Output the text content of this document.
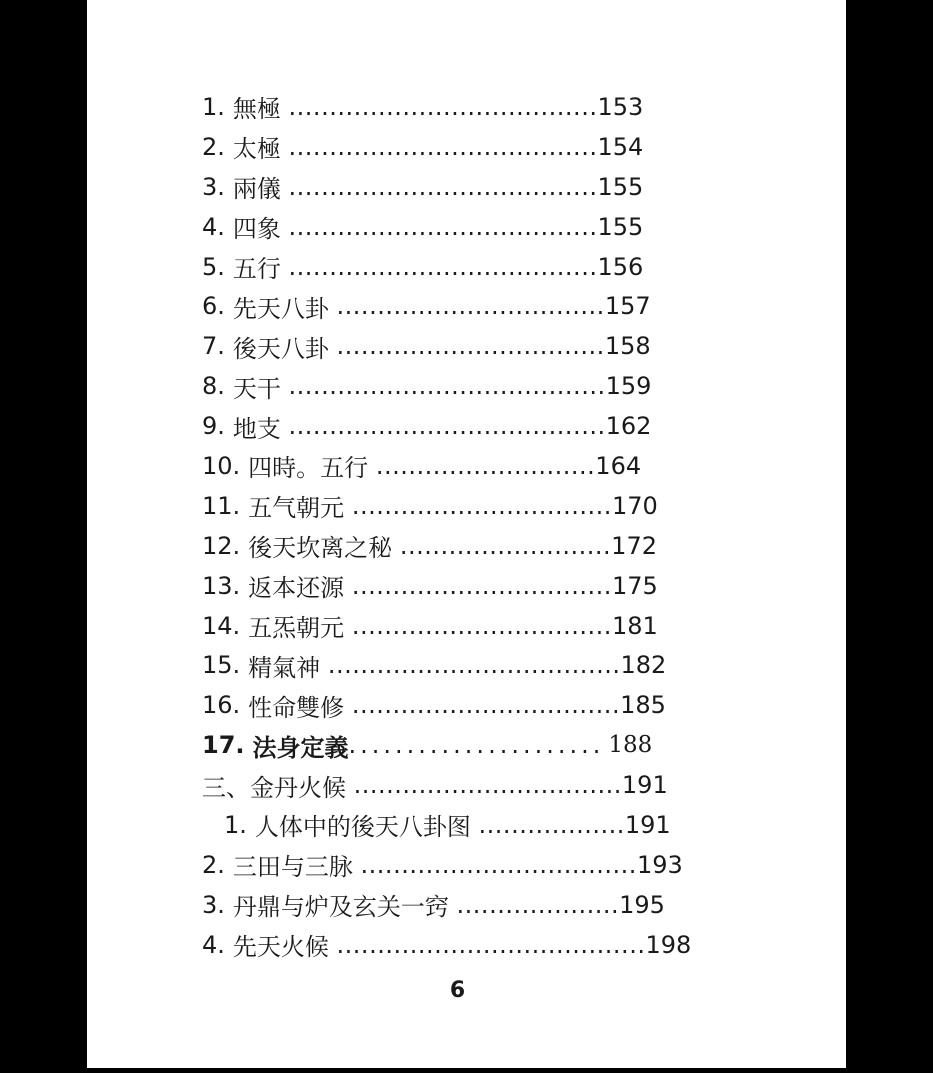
1. 無極
...................................... 153
2. 太極
...................................... 154
3. 兩儀
...................................... 155
4. 四象
...................................... 155
5. 五行
...................................... 156
6. 先天八卦
................................. 157
7. 後天八卦
................................. 158
8. 天干
....................................... 159
9. 地支
....................................... 162
10. 四時。五行
........................... 164
11. 五气朝元
................................ 170
12. 後天坎离之秘
.......................... 172
13. 返本还源
................................ 175
14. 五炁朝元
................................ 181
15. 精氣神
.................................... 182
16. 性命雙修
................................. 185
17. 法身定義 ...................... 188
三、金丹火候
................................. 191
1. 人体中的後天八卦图
.................. 191
2. 三田与三脉
.................................. 193
3. 丹鼎与炉及玄关一窍
.................... 195
4. 先天火候
...................................... 198
6
